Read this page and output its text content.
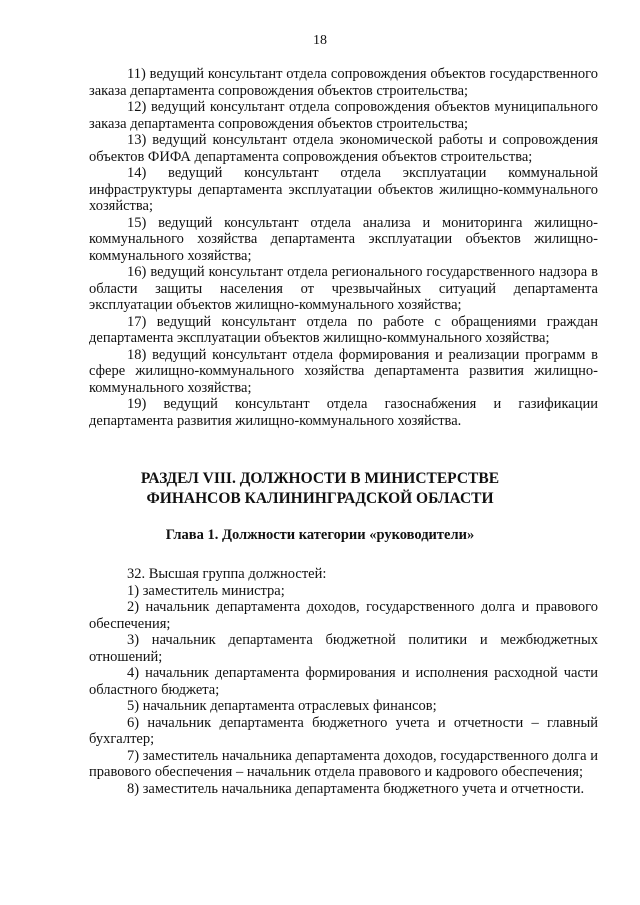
18

11) ведущий консультант отдела сопровождения объектов государственного заказа департамента сопровождения объектов строительства;

12) ведущий консультант отдела сопровождения объектов муниципального заказа департамента сопровождения объектов строительства;

13) ведущий консультант отдела экономической работы и сопровождения объектов ФИФА департамента сопровождения объектов строительства;

14) ведущий консультант отдела эксплуатации коммунальной инфраструктуры департамента эксплуатации объектов жилищно-коммунального хозяйства;

15) ведущий консультант отдела анализа и мониторинга жилищно-коммунального хозяйства департамента эксплуатации объектов жилищно-коммунального хозяйства;

16) ведущий консультант отдела регионального государственного надзора в области защиты населения от чрезвычайных ситуаций департамента эксплуатации объектов жилищно-коммунального хозяйства;

17) ведущий консультант отдела по работе с обращениями граждан департамента эксплуатации объектов жилищно-коммунального хозяйства;

18) ведущий консультант отдела формирования и реализации программ в сфере жилищно-коммунального хозяйства департамента развития жилищно-коммунального хозяйства;

19) ведущий консультант отдела газоснабжения и газификации департамента развития жилищно-коммунального хозяйства.

РАЗДЕЛ VIII. ДОЛЖНОСТИ В МИНИСТЕРСТВЕ

ФИНАНСОВ КАЛИНИНГРАДСКОЙ ОБЛАСТИ

Глава 1. Должности категории «руководители»

32. Высшая группа должностей:

1) заместитель министра;

2) начальник департамента доходов, государственного долга и правового обеспечения;

3) начальник департамента бюджетной политики и межбюджетных отношений;

4) начальник департамента формирования и исполнения расходной части областного бюджета;

5) начальник департамента отраслевых финансов;

6) начальник департамента бюджетного учета и отчетности – главный бухгалтер;

7) заместитель начальника департамента доходов, государственного долга и правового обеспечения – начальник отдела правового и кадрового обеспечения;

8) заместитель начальника департамента бюджетного учета и отчетности.
